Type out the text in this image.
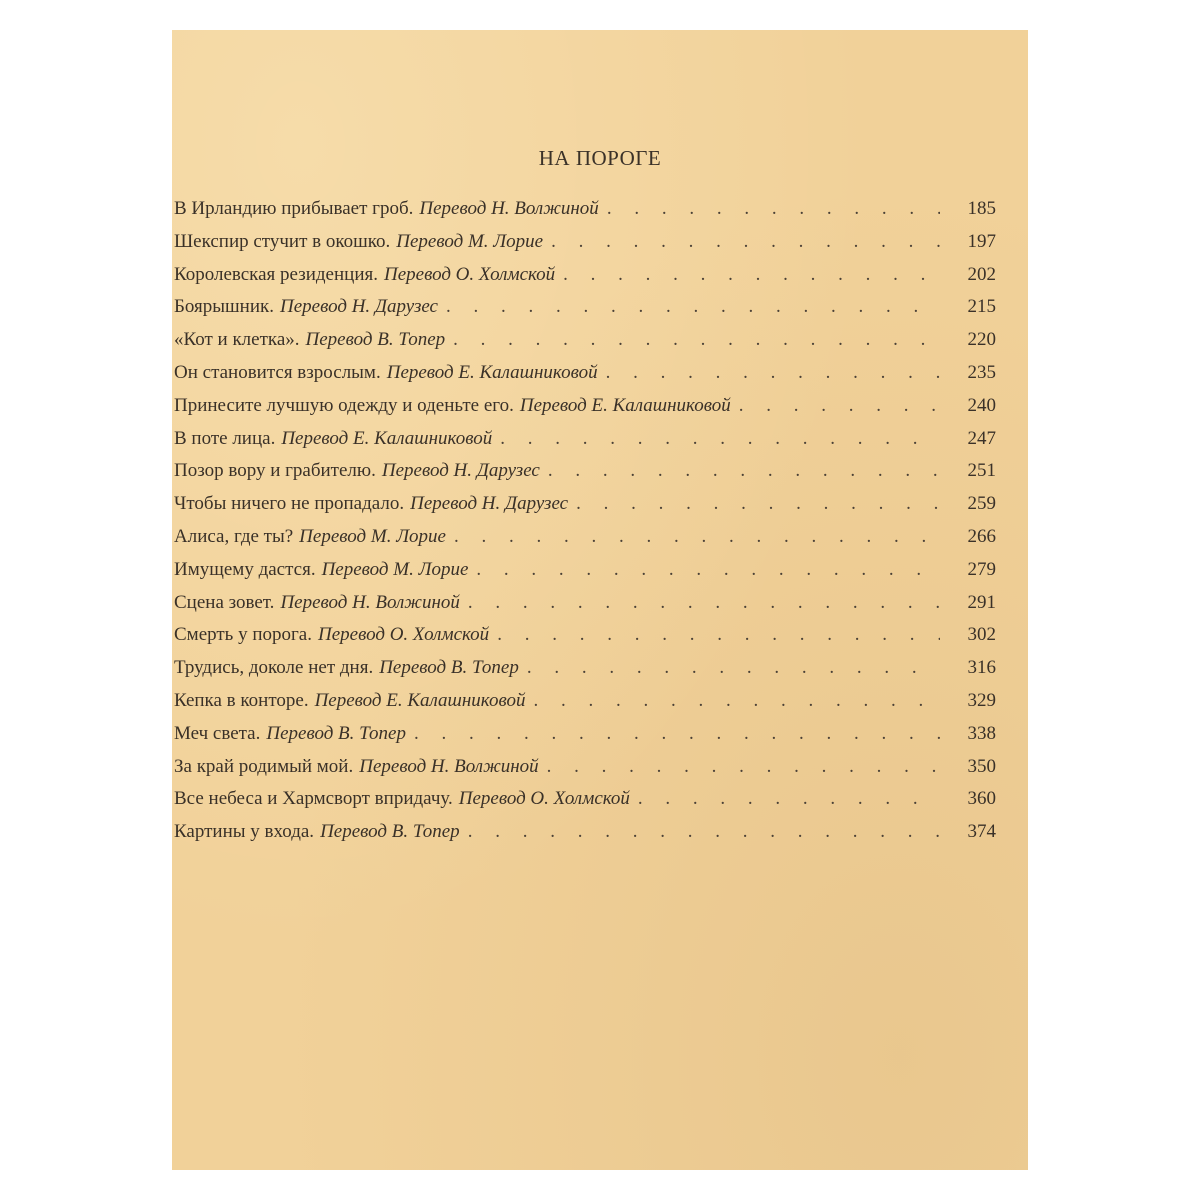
НА ПОРОГЕ
В Ирландию прибывает гроб. Перевод Н. Волжиной . . .	185
Шекспир стучит в окошко. Перевод М. Лорие . . .	197
Королевская резиденция. Перевод О. Холмской . . .	202
Боярышник. Перевод Н. Дарузес . . .	215
«Кот и клетка». Перевод В. Топер . . .	220
Он становится взрослым. Перевод Е. Калашниковой . . .	235
Принесите лучшую одежду и оденьте его. Перевод Е. Калашниковой . . .	240
В поте лица. Перевод Е. Калашниковой . . .	247
Позор вору и грабителю. Перевод Н. Дарузес . . .	251
Чтобы ничего не пропадало. Перевод Н. Дарузес . . .	259
Алиса, где ты? Перевод М. Лорие . . .	266
Имущему дастся. Перевод М. Лорие . . .	279
Сцена зовет. Перевод Н. Волжиной . . .	291
Смерть у порога. Перевод О. Холмской . . .	302
Трудись, доколе нет дня. Перевод В. Топер . . .	316
Кепка в конторе. Перевод Е. Калашниковой . . .	329
Меч света. Перевод В. Топер . . .	338
За край родимый мой. Перевод Н. Волжиной . . .	350
Все небеса и Хармсворт впридачу. Перевод О. Холмской . . .	360
Картины у входа. Перевод В. Топер . . .	374
